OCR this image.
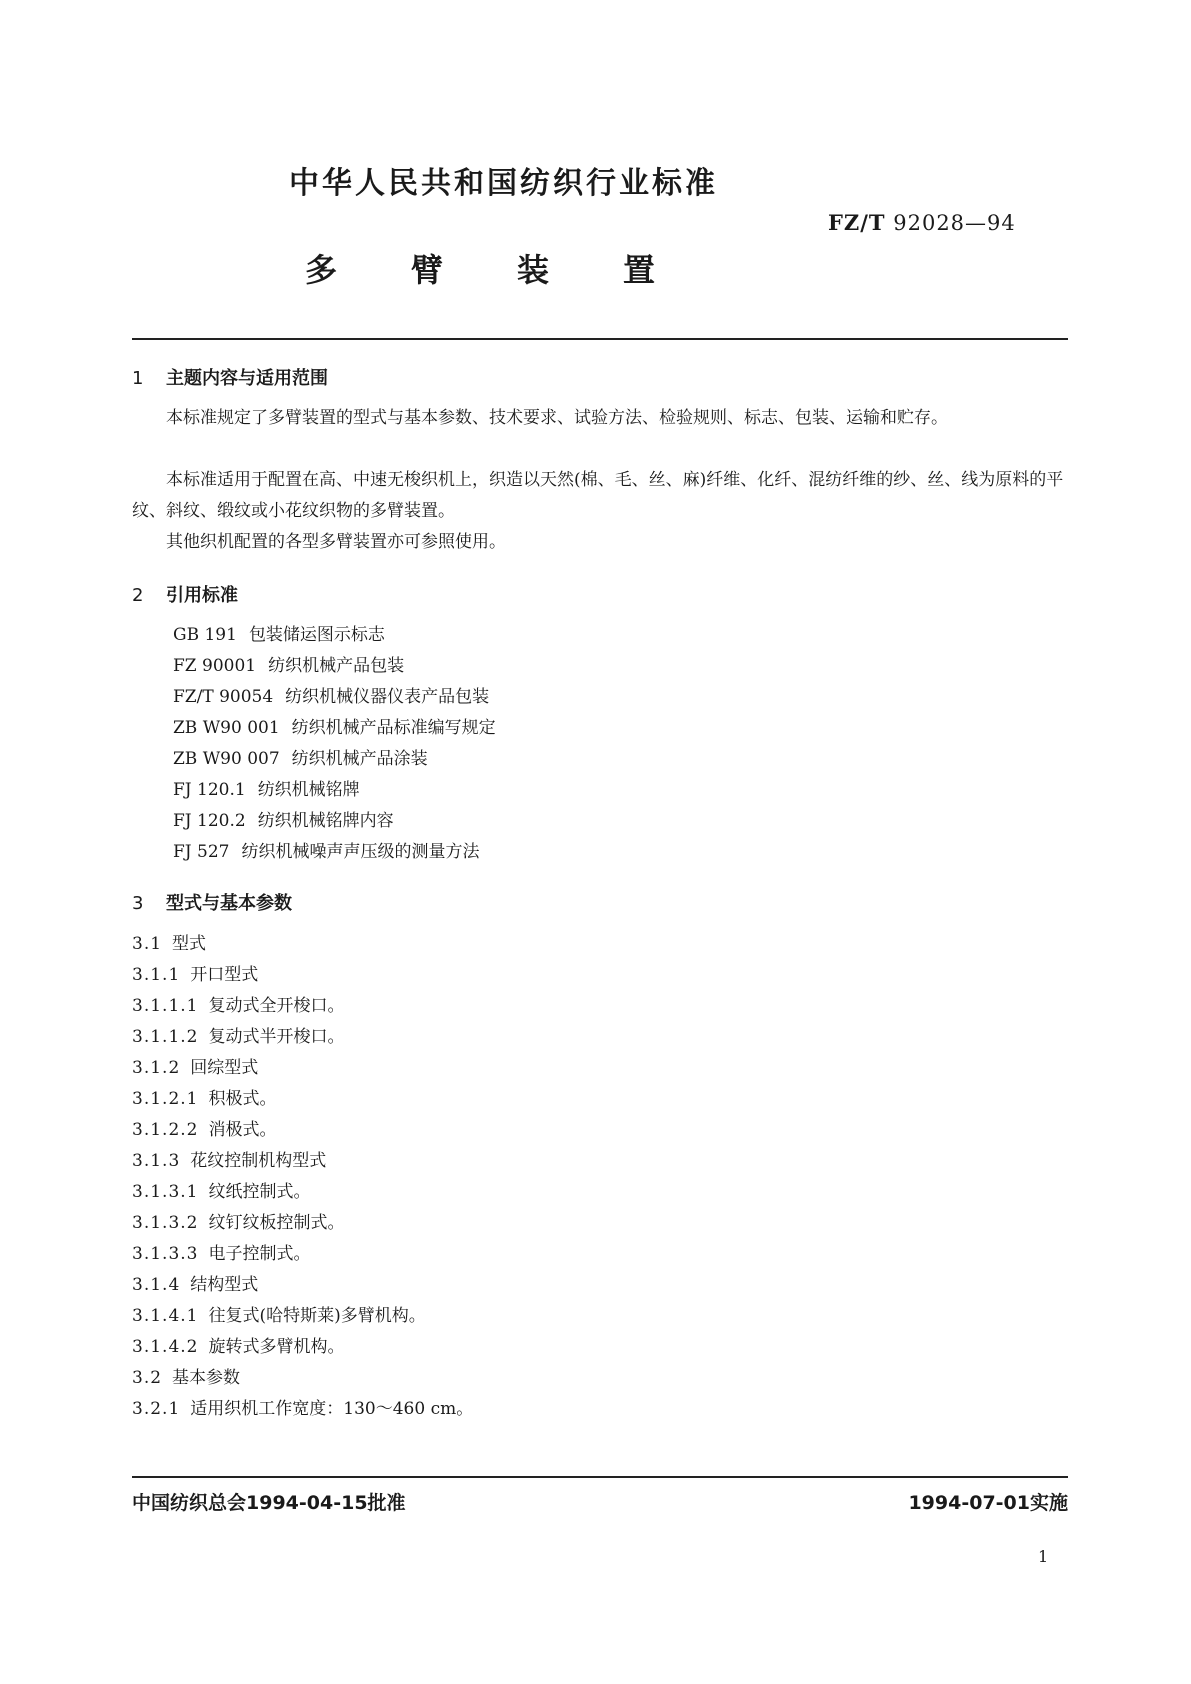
中华人民共和国纺织行业标准
FZ/T 92028—94
多 臂 装 置
1 主题内容与适用范围
本标准规定了多臂装置的型式与基本参数、技术要求、试验方法、检验规则、标志、包装、运输和贮存。
本标准适用于配置在高、中速无梭织机上，织造以天然(棉、毛、丝、麻)纤维、化纤、混纺纤维的纱、丝、线为原料的平纹、斜纹、缎纹或小花纹织物的多臂装置。
其他织机配置的各型多臂装置亦可参照使用。
2 引用标准
GB 191 包装储运图示标志
FZ 90001 纺织机械产品包装
FZ/T 90054 纺织机械仪器仪表产品包装
ZB W90 001 纺织机械产品标准编写规定
ZB W90 007 纺织机械产品涂装
FJ 120.1 纺织机械铭牌
FJ 120.2 纺织机械铭牌内容
FJ 527 纺织机械噪声声压级的测量方法
3 型式与基本参数
3.1 型式
3.1.1 开口型式
3.1.1.1 复动式全开梭口。
3.1.1.2 复动式半开梭口。
3.1.2 回综型式
3.1.2.1 积极式。
3.1.2.2 消极式。
3.1.3 花纹控制机构型式
3.1.3.1 纹纸控制式。
3.1.3.2 纹钉纹板控制式。
3.1.3.3 电子控制式。
3.1.4 结构型式
3.1.4.1 往复式(哈特斯莱)多臂机构。
3.1.4.2 旋转式多臂机构。
3.2 基本参数
3.2.1 适用织机工作宽度：130～460 cm。
中国纺织总会1994-04-15批准	1994-07-01实施
1
